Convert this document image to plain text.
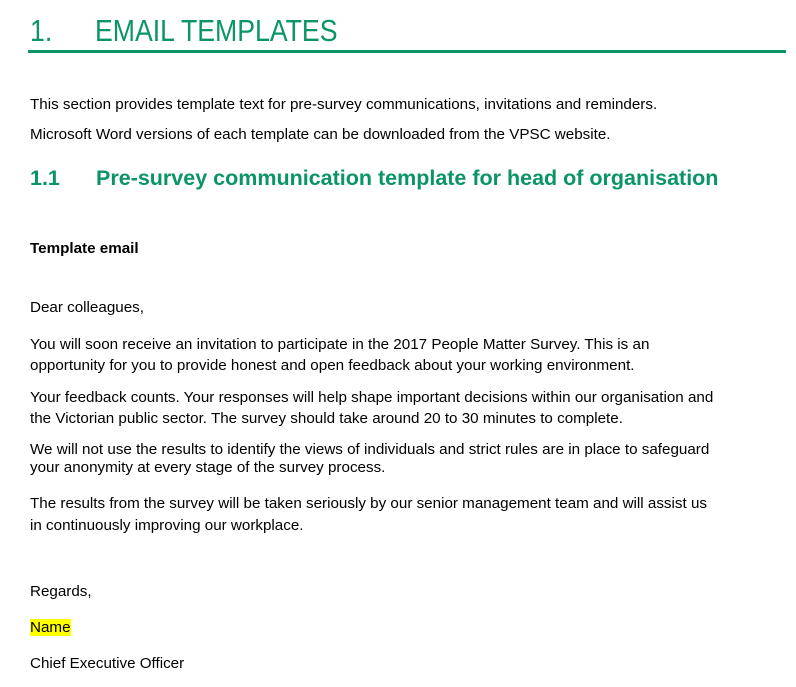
1. EMAIL TEMPLATES
This section provides template text for pre-survey communications, invitations and reminders.
Microsoft Word versions of each template can be downloaded from the VPSC website.
1.1 Pre-survey communication template for head of organisation
Template email
Dear colleagues,
You will soon receive an invitation to participate in the 2017 People Matter Survey. This is an
opportunity for you to provide honest and open feedback about your working environment.
Your feedback counts. Your responses will help shape important decisions within our organisation and
the Victorian public sector. The survey should take around 20 to 30 minutes to complete.
We will not use the results to identify the views of individuals and strict rules are in place to safeguard
your anonymity at every stage of the survey process.
The results from the survey will be taken seriously by our senior management team and will assist us
in continuously improving our workplace.
Regards,
Name
Chief Executive Officer
